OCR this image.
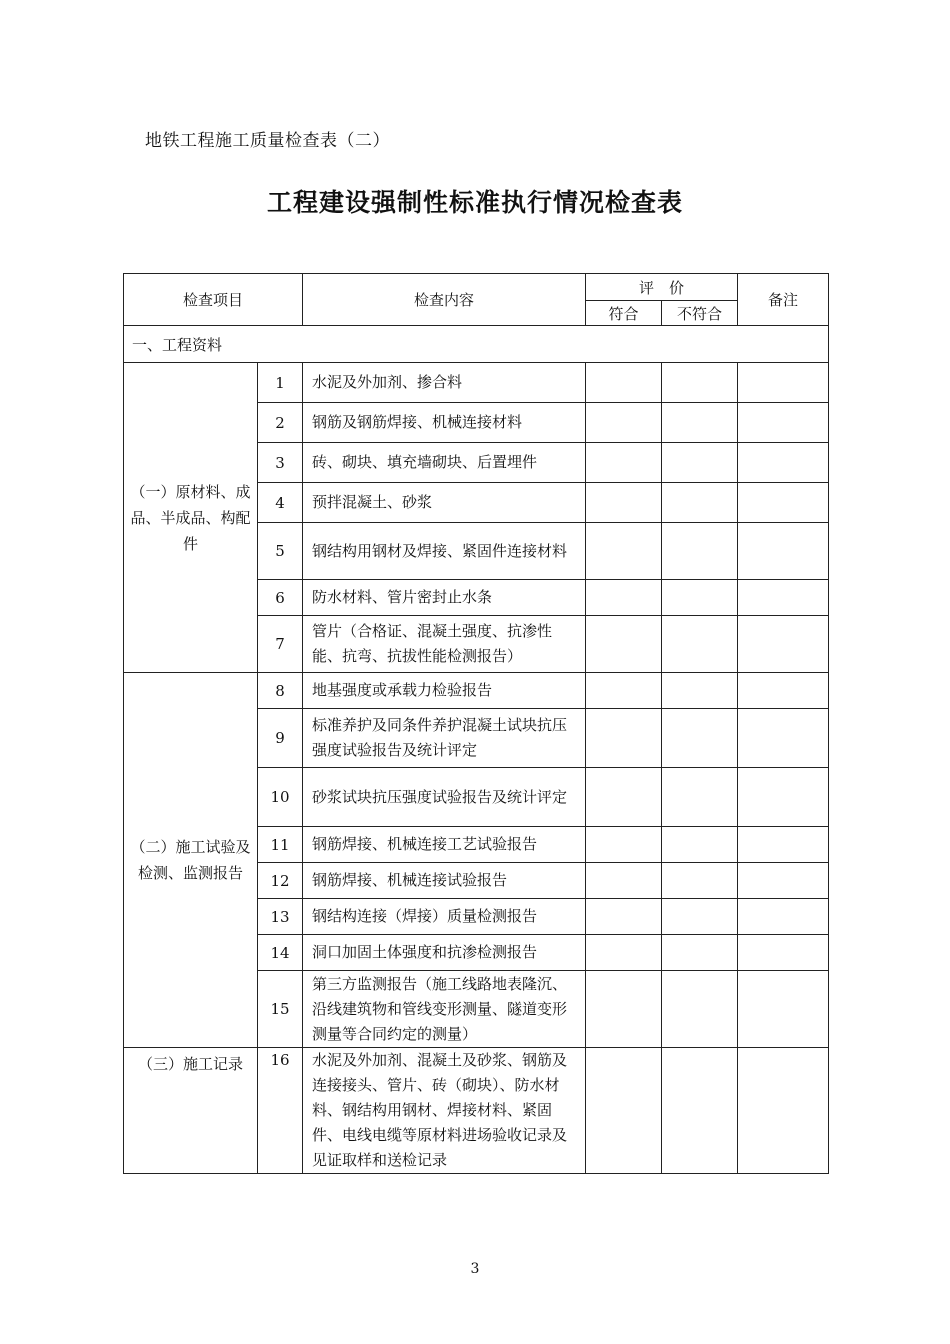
地铁工程施工质量检查表（二）
工程建设强制性标准执行情况检查表
检查项目		检查内容	评　价		备注
			符合	不符合	
一、工程资料					
（一）原材料、成品、半成品、构配件	1	水泥及外加剂、掺合料			
	2	钢筋及钢筋焊接、机械连接材料			
	3	砖、砌块、填充墙砌块、后置埋件			
	4	预拌混凝土、砂浆			
	5	钢结构用钢材及焊接、紧固件连接材料			
	6	防水材料、管片密封止水条			
	7	管片（合格证、混凝土强度、抗渗性能、抗弯、抗拔性能检测报告）			
（二）施工试验及检测、监测报告	8	地基强度或承载力检验报告			
	9	标准养护及同条件养护混凝土试块抗压强度试验报告及统计评定			
	10	砂浆试块抗压强度试验报告及统计评定			
	11	钢筋焊接、机械连接工艺试验报告			
	12	钢筋焊接、机械连接试验报告			
	13	钢结构连接（焊接）质量检测报告			
	14	洞口加固土体强度和抗渗检测报告			
	15	第三方监测报告（施工线路地表隆沉、沿线建筑物和管线变形测量、隧道变形测量等合同约定的测量）			
（三）施工记录	16	水泥及外加剂、混凝土及砂浆、钢筋及连接接头、管片、砖（砌块）、防水材料、钢结构用钢材、焊接材料、紧固件、电线电缆等原材料进场验收记录及见证取样和送检记录			
3
